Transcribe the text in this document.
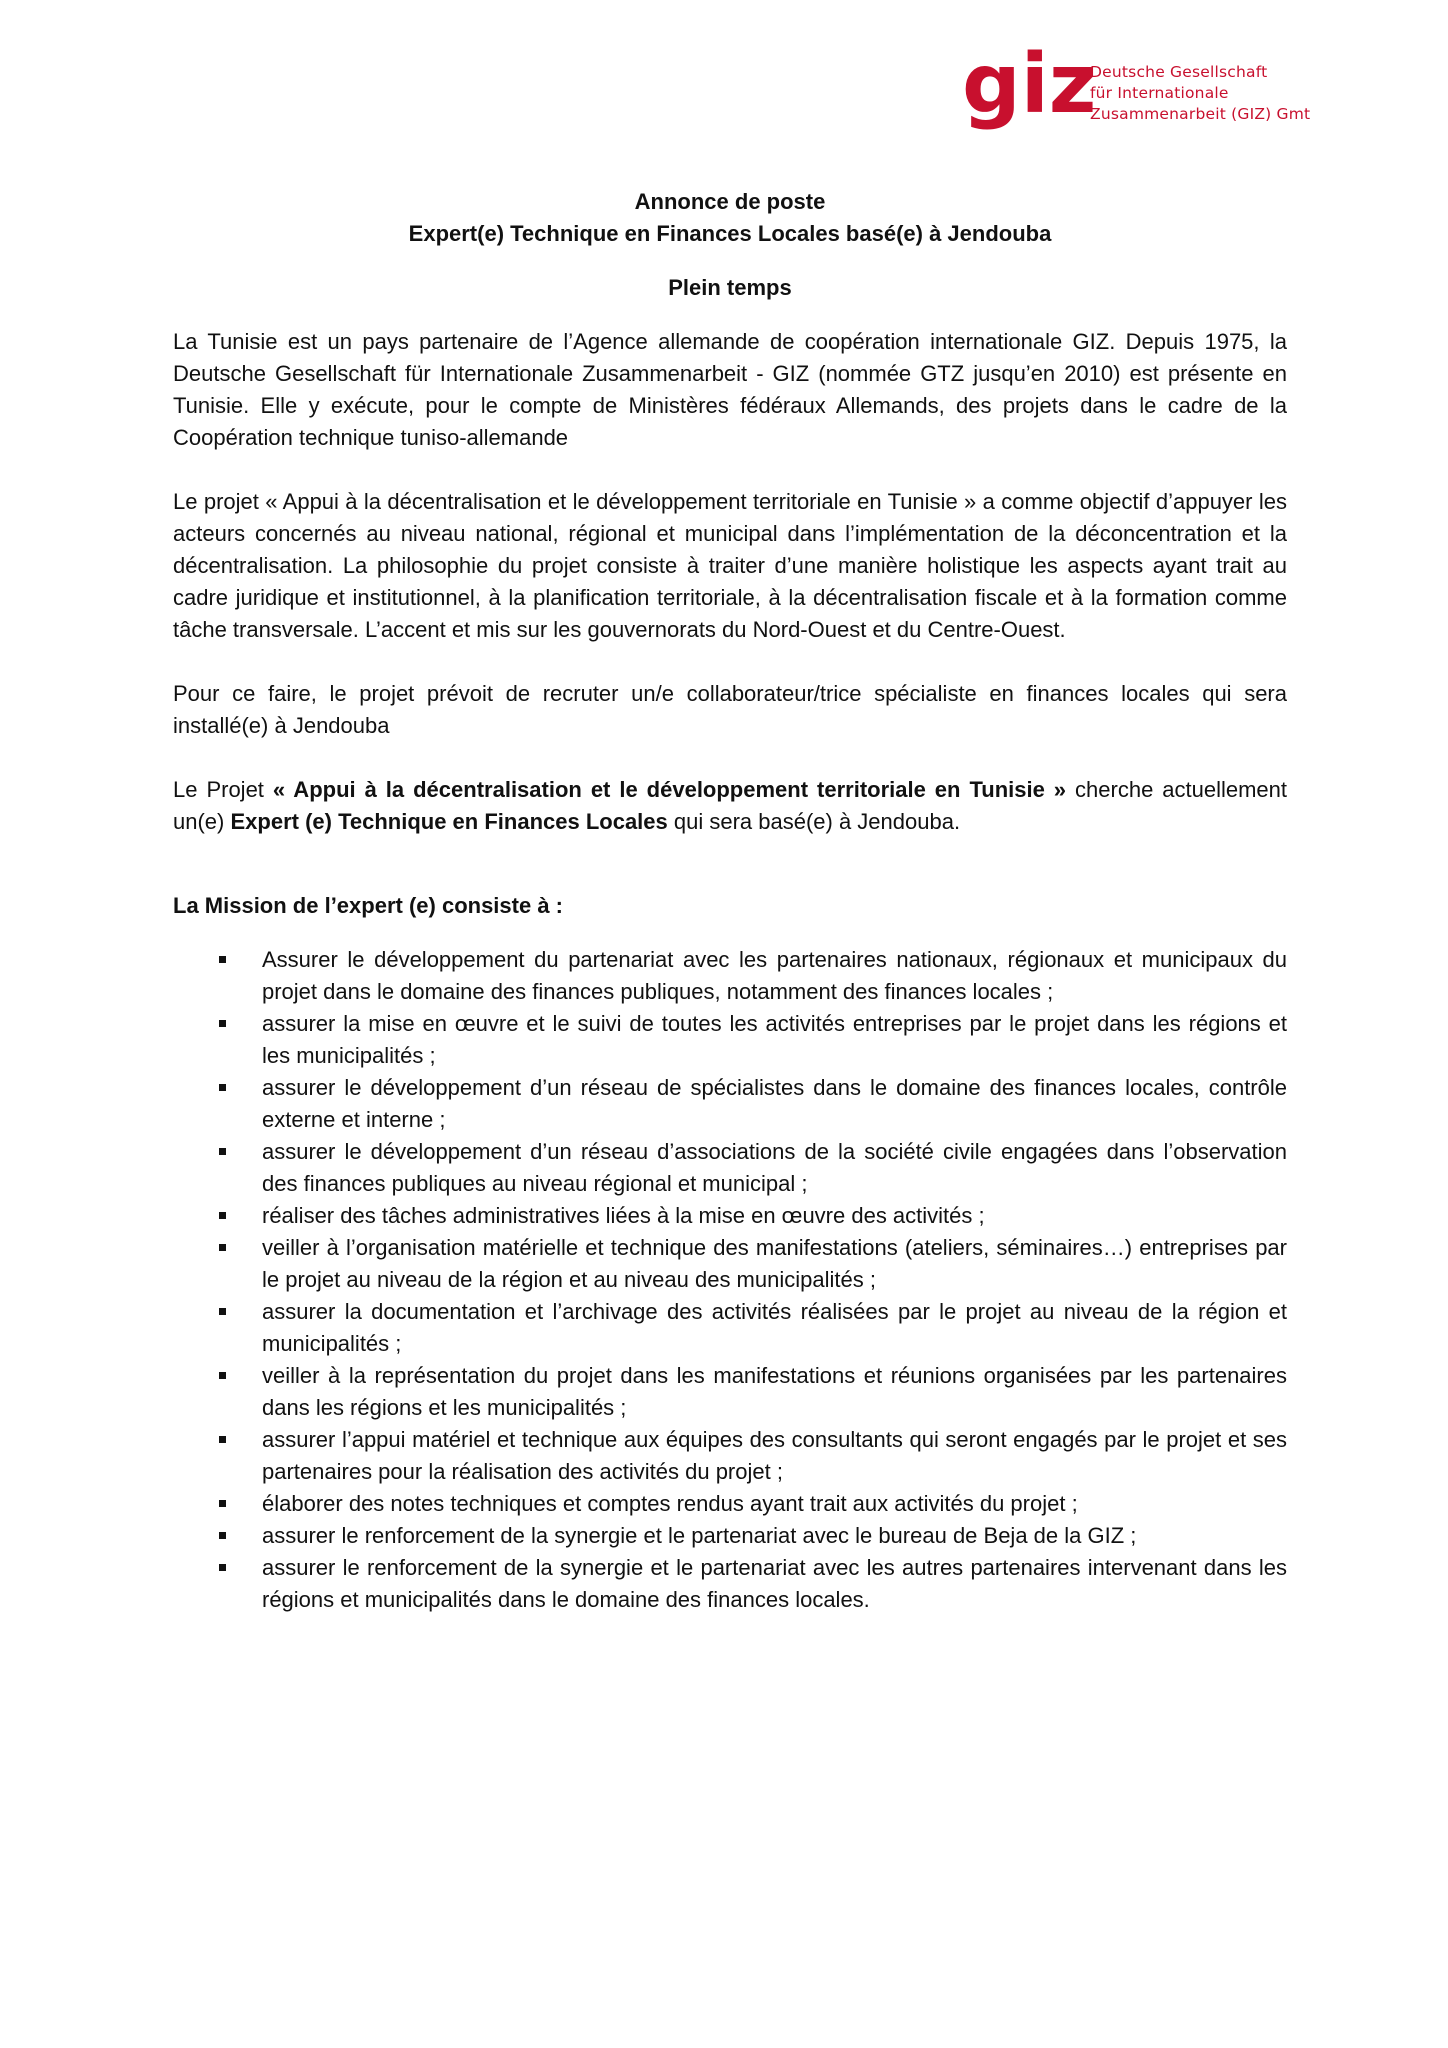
giz
Deutsche Gesellschaft
für Internationale
Zusammenarbeit (GIZ) Gmt
Annonce de poste
Expert(e) Technique en Finances Locales basé(e) à Jendouba
Plein temps

La Tunisie est un pays partenaire de l’Agence allemande de coopération internationale GIZ. Depuis 1975, la Deutsche Gesellschaft für Internationale Zusammenarbeit - GIZ (nommée GTZ jusqu’en 2010) est présente en Tunisie. Elle y exécute, pour le compte de Ministères fédéraux Allemands, des projets dans le cadre de la Coopération technique tuniso-allemande

Le projet « Appui à la décentralisation et le développement territoriale en Tunisie » a comme objectif d’appuyer les acteurs concernés au niveau national, régional et municipal dans l’implémentation de la déconcentration et la décentralisation. La philosophie du projet consiste à traiter d’une manière holistique les aspects ayant trait au cadre juridique et institutionnel, à la planification territoriale, à la décentralisation fiscale et à la formation comme tâche transversale. L’accent et mis sur les gouvernorats du Nord-Ouest et du Centre-Ouest.

Pour ce faire, le projet prévoit de recruter un/e collaborateur/trice spécialiste en finances locales qui sera installé(e) à Jendouba

Le Projet « Appui à la décentralisation et le développement territoriale en Tunisie » cherche actuellement un(e) Expert (e) Technique en Finances Locales qui sera basé(e) à Jendouba.

La Mission de l’expert (e) consiste à :
Assurer le développement du partenariat avec les partenaires nationaux, régionaux et municipaux du projet dans le domaine des finances publiques, notamment des finances locales ;
assurer la mise en œuvre et le suivi de toutes les activités entreprises par le projet dans les régions et les municipalités ;
assurer le développement d’un réseau de spécialistes dans le domaine des finances locales, contrôle externe et interne ;
assurer le développement d’un réseau d’associations de la société civile engagées dans l’observation des finances publiques au niveau régional et municipal ;
réaliser des tâches administratives liées à la mise en œuvre des activités ;
veiller à l’organisation matérielle et technique des manifestations (ateliers, séminaires…) entreprises par le projet au niveau de la région et au niveau des municipalités ;
assurer la documentation et l’archivage des activités réalisées par le projet au niveau de la région et municipalités ;
veiller à la représentation du projet dans les manifestations et réunions organisées par les partenaires dans les régions et les municipalités ;
assurer l’appui matériel et technique aux équipes des consultants qui seront engagés par le projet et ses partenaires pour la réalisation des activités du projet ;
élaborer des notes techniques et comptes rendus ayant trait aux activités du projet ;
assurer le renforcement de la synergie et le partenariat avec le bureau de Beja de la GIZ ;
assurer le renforcement de la synergie et le partenariat avec les autres partenaires intervenant dans les régions et municipalités dans le domaine des finances locales.
